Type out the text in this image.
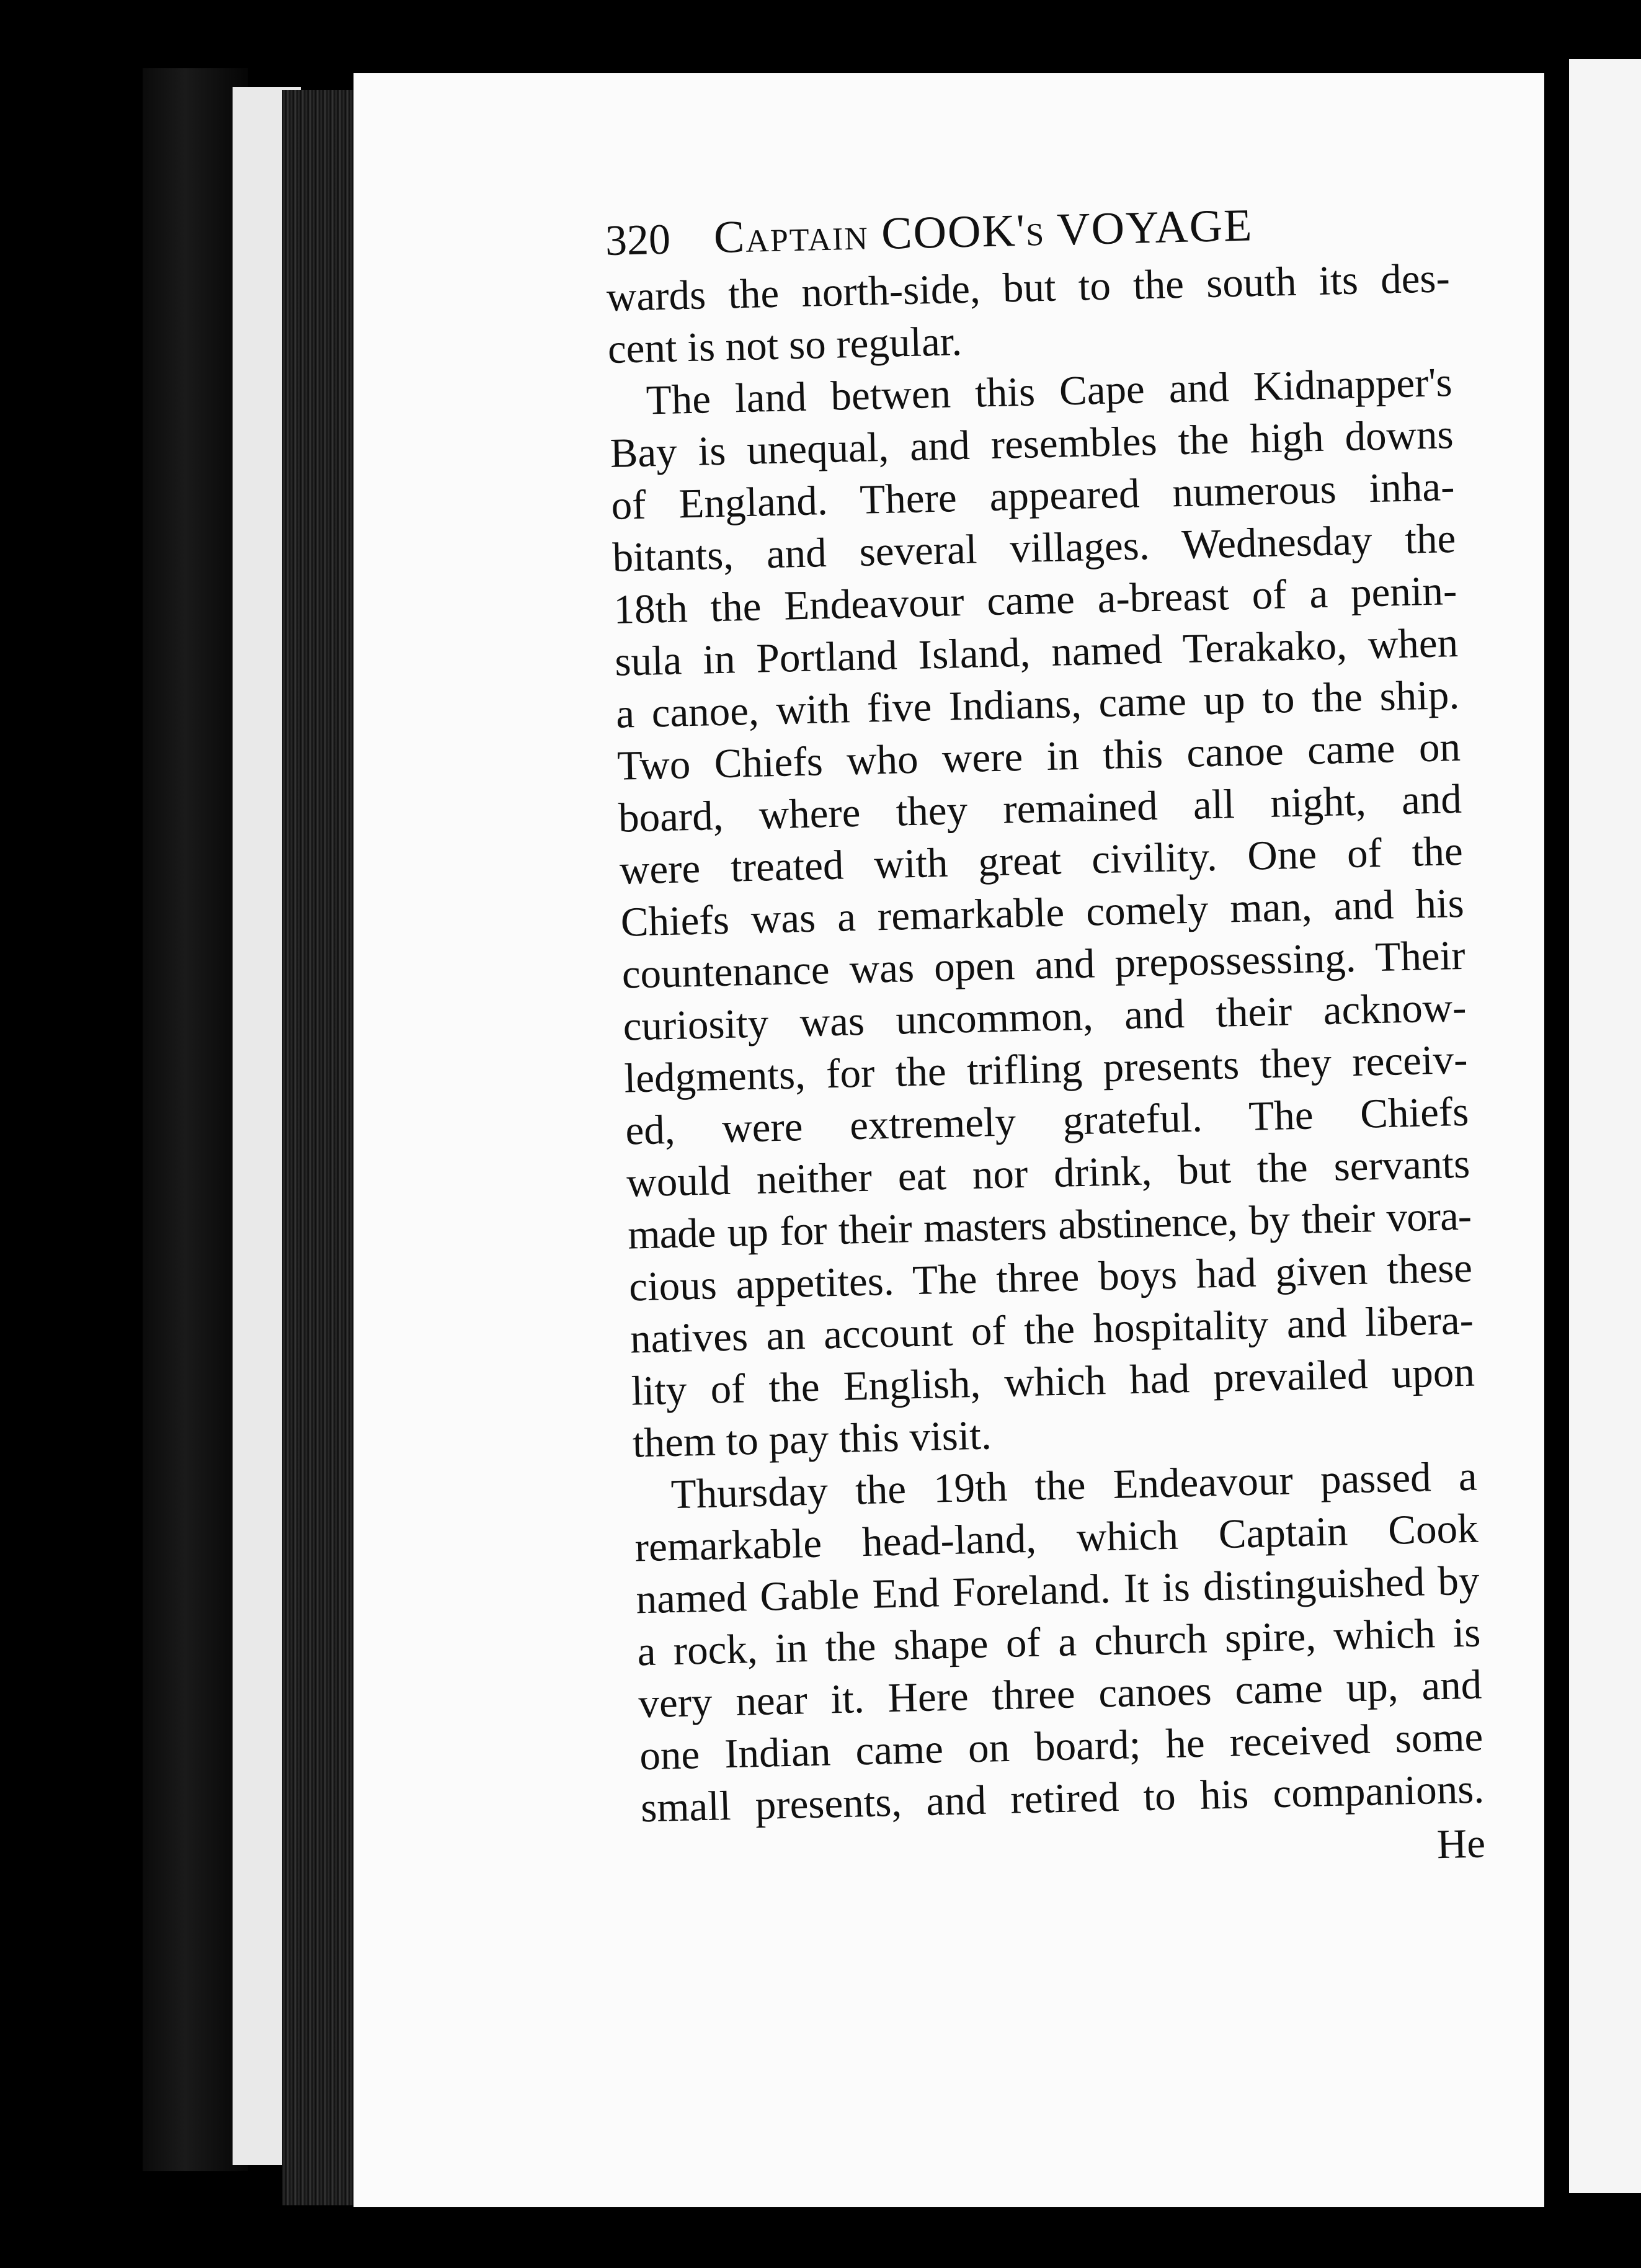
320 Captain COOK's VOYAGE
wards the north-side, but to the south its des-
cent is not so regular.
The land betwen this Cape and Kidnapper's
Bay is unequal, and resembles the high downs
of England. There appeared numerous inha-
bitants, and several villages. Wednesday the
18th the Endeavour came a-breast of a penin-
sula in Portland Island, named Terakako, when
a canoe, with five Indians, came up to the ship.
Two Chiefs who were in this canoe came on
board, where they remained all night, and
were treated with great civility. One of the
Chiefs was a remarkable comely man, and his
countenance was open and prepossessing. Their
curiosity was uncommon, and their acknow-
ledgments, for the trifling presents they receiv-
ed, were extremely grateful. The Chiefs
would neither eat nor drink, but the servants
made up for their masters abstinence, by their vora-
cious appetites. The three boys had given these
natives an account of the hospitality and libera-
lity of the English, which had prevailed upon
them to pay this visit.
Thursday the 19th the Endeavour passed a
remarkable head-land, which Captain Cook
named Gable End Foreland. It is distinguished by
a rock, in the shape of a church spire, which is
very near it. Here three canoes came up, and
one Indian came on board; he received some
small presents, and retired to his companions.
He
